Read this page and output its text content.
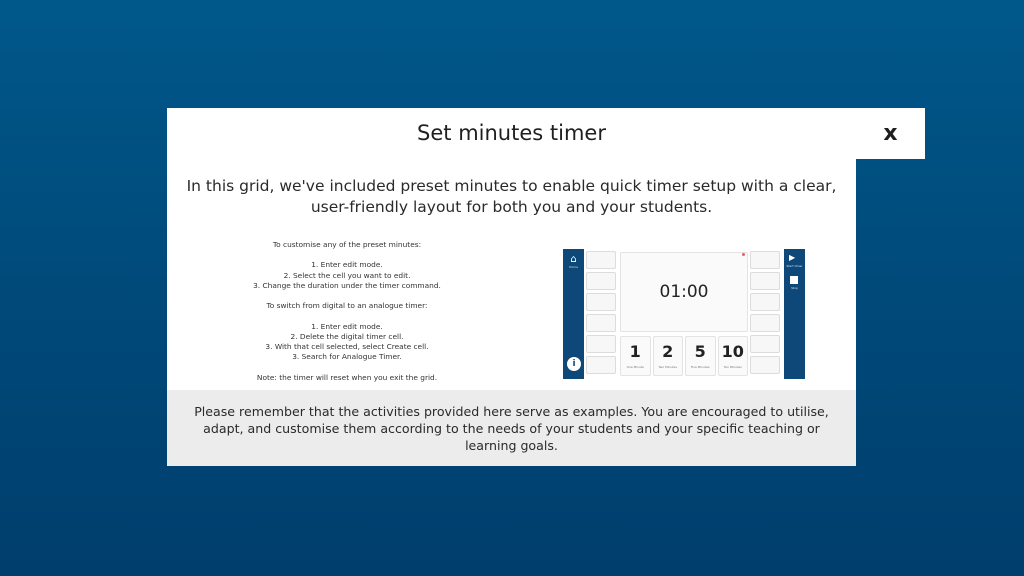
Set minutes timer

In this grid, we've included preset minutes to enable quick timer setup with a clear, user-friendly layout for both you and your students.

To customise any of the preset minutes:
1. Enter edit mode.
2. Select the cell you want to edit.
3. Change the duration under the timer command.
To switch from digital to an analogue timer:
1. Enter edit mode.
2. Delete the digital timer cell.
3. With that cell selected, select Create cell.
3. Search for Analogue Timer.
Note: the timer will reset when you exit the grid.
⌂
Home
i
01:00
1
One Minute
2
Two Minutes
5
Five Minutes
10
Ten Minutes
▶
Start timer
Stop

Please remember that the activities provided here serve as examples. You are encouraged to utilise, adapt, and customise them according to the needs of your students and your specific teaching or learning goals.

x
